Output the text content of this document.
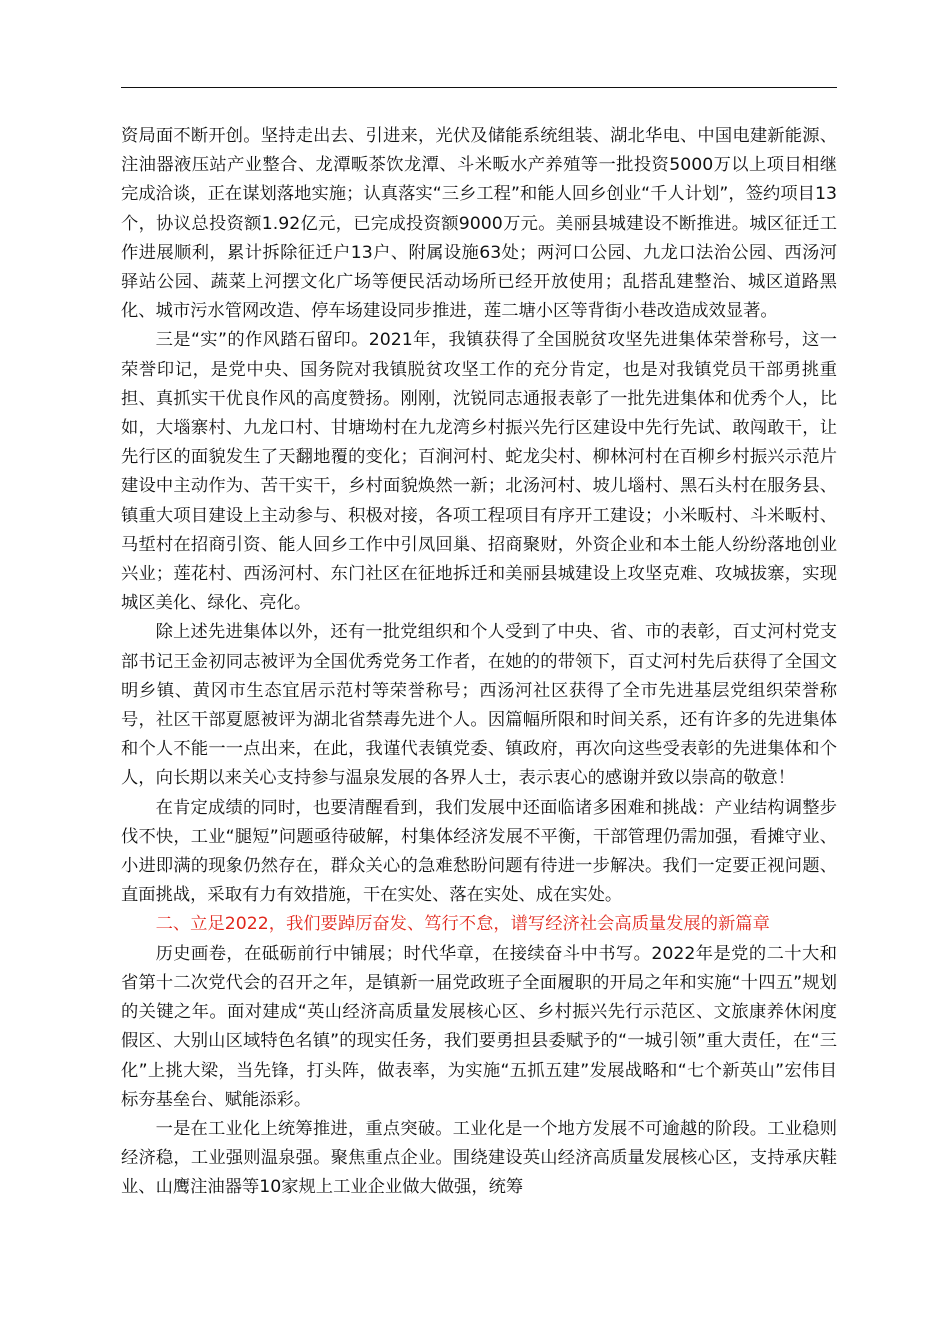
资局面不断开创。坚持走出去、引进来，光伏及储能系统组装、湖北华电、中国电建新能源、注油器液压站产业整合、龙潭畈茶饮龙潭、斗米畈水产养殖等一批投资5000万以上项目相继完成洽谈，正在谋划落地实施；认真落实“三乡工程”和能人回乡创业“千人计划”，签约项目13个，协议总投资额1.92亿元，已完成投资额9000万元。美丽县城建设不断推进。城区征迁工作进展顺利，累计拆除征迁户13户、附属设施63处；两河口公园、九龙口法治公园、西汤河驿站公园、蔬菜上河摆文化广场等便民活动场所已经开放使用；乱搭乱建整治、城区道路黑化、城市污水管网改造、停车场建设同步推进，莲二塘小区等背街小巷改造成效显著。

三是“实”的作风踏石留印。2021年，我镇获得了全国脱贫攻坚先进集体荣誉称号，这一荣誉印记，是党中央、国务院对我镇脱贫攻坚工作的充分肯定，也是对我镇党员干部勇挑重担、真抓实干优良作风的高度赞扬。刚刚，沈锐同志通报表彰了一批先进集体和优秀个人，比如，大堖寨村、九龙口村、甘塘坳村在九龙湾乡村振兴先行区建设中先行先试、敢闯敢干，让先行区的面貌发生了天翻地覆的变化；百涧河村、蛇龙尖村、柳林河村在百柳乡村振兴示范片建设中主动作为、苦干实干，乡村面貌焕然一新；北汤河村、坡儿堖村、黑石头村在服务县、镇重大项目建设上主动参与、积极对接，各项工程项目有序开工建设；小米畈村、斗米畈村、马埑村在招商引资、能人回乡工作中引凤回巢、招商聚财，外资企业和本土能人纷纷落地创业兴业；莲花村、西汤河村、东门社区在征地拆迁和美丽县城建设上攻坚克难、攻城拔寨，实现城区美化、绿化、亮化。

除上述先进集体以外，还有一批党组织和个人受到了中央、省、市的表彰，百丈河村党支部书记王金初同志被评为全国优秀党务工作者，在她的的带领下，百丈河村先后获得了全国文明乡镇、黄冈市生态宜居示范村等荣誉称号；西汤河社区获得了全市先进基层党组织荣誉称号，社区干部夏愿被评为湖北省禁毒先进个人。因篇幅所限和时间关系，还有许多的先进集体和个人不能一一点出来，在此，我谨代表镇党委、镇政府，再次向这些受表彰的先进集体和个人，向长期以来关心支持参与温泉发展的各界人士，表示衷心的感谢并致以崇高的敬意！

在肯定成绩的同时，也要清醒看到，我们发展中还面临诸多困难和挑战：产业结构调整步伐不快，工业“腿短”问题亟待破解，村集体经济发展不平衡，干部管理仍需加强，看摊守业、小进即满的现象仍然存在，群众关心的急难愁盼问题有待进一步解决。我们一定要正视问题、直面挑战，采取有力有效措施，干在实处、落在实处、成在实处。

二、立足2022，我们要踔厉奋发、笃行不怠，谱写经济社会高质量发展的新篇章

历史画卷，在砥砺前行中铺展；时代华章，在接续奋斗中书写。2022年是党的二十大和省第十二次党代会的召开之年，是镇新一届党政班子全面履职的开局之年和实施“十四五”规划的关键之年。面对建成“英山经济高质量发展核心区、乡村振兴先行示范区、文旅康养休闲度假区、大别山区域特色名镇”的现实任务，我们要勇担县委赋予的“一城引领”重大责任，在“三化”上挑大梁，当先锋，打头阵，做表率，为实施“五抓五建”发展战略和“七个新英山”宏伟目标夯基垒台、赋能添彩。

一是在工业化上统筹推进，重点突破。工业化是一个地方发展不可逾越的阶段。工业稳则经济稳，工业强则温泉强。聚焦重点企业。围绕建设英山经济高质量发展核心区，支持承庆鞋业、山鹰注油器等10家规上工业企业做大做强，统筹
